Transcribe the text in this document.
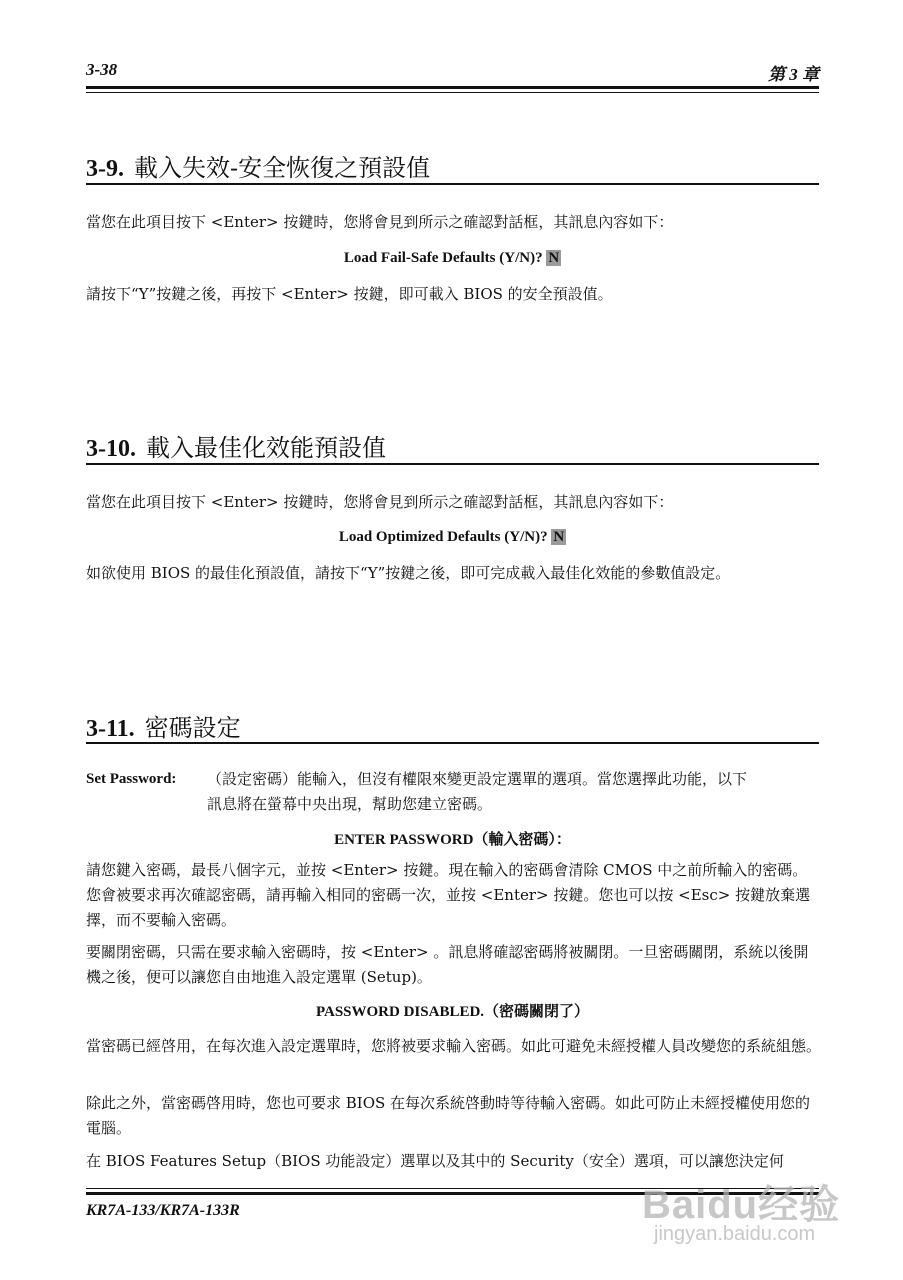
3-38	第 3 章
3-9. 載入失效-安全恢復之預設值
當您在此項目按下 <Enter> 按鍵時，您將會見到所示之確認對話框，其訊息內容如下：
Load Fail-Safe Defaults (Y/N)? N
請按下“Y”按鍵之後，再按下 <Enter> 按鍵，即可載入 BIOS 的安全預設值。
3-10. 載入最佳化效能預設值
當您在此項目按下 <Enter> 按鍵時，您將會見到所示之確認對話框，其訊息內容如下：
Load Optimized Defaults (Y/N)? N
如欲使用 BIOS 的最佳化預設值，請按下“Y”按鍵之後，即可完成載入最佳化效能的參數值設定。
3-11. 密碼設定
Set Password: （設定密碼）能輸入，但沒有權限來變更設定選單的選項。當您選擇此功能，以下
訊息將在螢幕中央出現，幫助您建立密碼。
ENTER PASSWORD（輸入密碼）：
請您鍵入密碼，最長八個字元，並按 <Enter> 按鍵。現在輸入的密碼會清除 CMOS 中之前所輸入的密碼。您會被要求再次確認密碼，請再輸入相同的密碼一次，並按 <Enter> 按鍵。您也可以按 <Esc> 按鍵放棄選擇，而不要輸入密碼。
要關閉密碼，只需在要求輸入密碼時，按 <Enter> 。訊息將確認密碼將被關閉。一旦密碼關閉，系統以後開機之後，便可以讓您自由地進入設定選單 (Setup)。
PASSWORD DISABLED.（密碼關閉了）
當密碼已經啓用，在每次進入設定選單時，您將被要求輸入密碼。如此可避免未經授權人員改變您的系統組態。
除此之外，當密碼啓用時，您也可要求 BIOS 在每次系統啓動時等待輸入密碼。如此可防止未經授權使用您的電腦。
在 BIOS Features Setup（BIOS 功能設定）選單以及其中的 Security（安全）選項，可以讓您決定何
KR7A-133/KR7A-133R	Baidu经验
jingyan.baidu.com
